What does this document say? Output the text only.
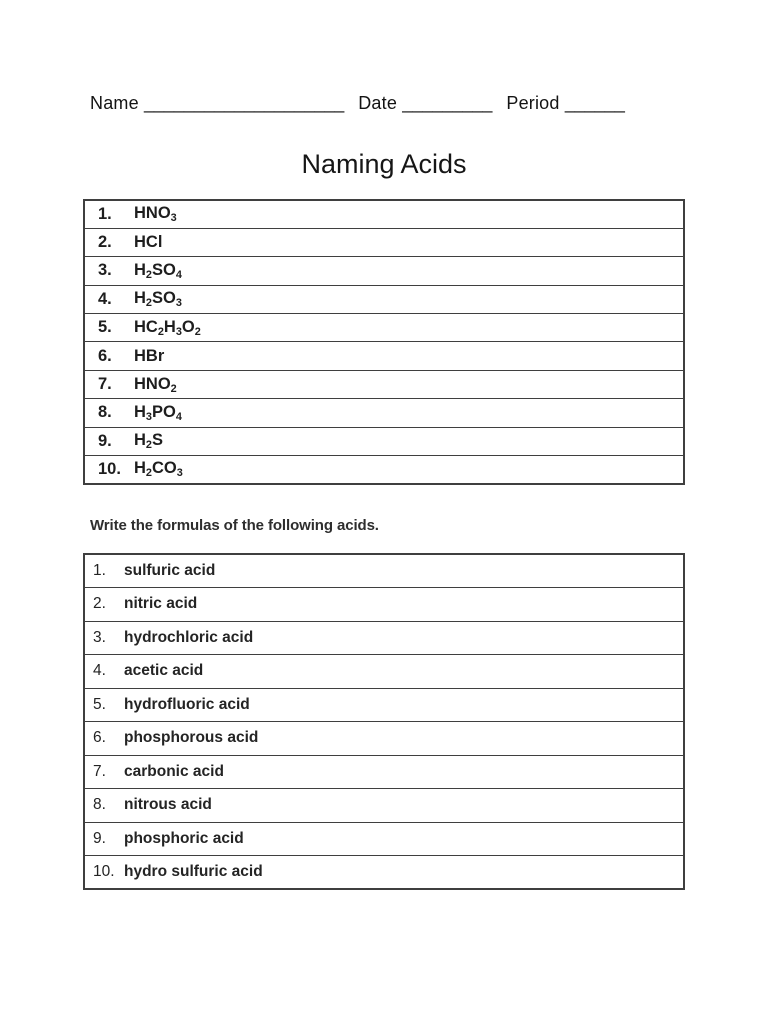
Name ____________________ Date _________ Period ______
Naming Acids
1.	$HNO_3$
2.	HCl
3.	$H_2SO_4$
4.	$H_2SO_3$
5.	$HC_2H_3O_2$
6.	HBr
7.	$HNO_2$
8.	$H_3PO_4$
9.	$H_2S$
10.	$H_2CO_3$
Write the formulas of the following acids.
1.	sulfuric acid
2.	nitric acid
3.	hydrochloric acid
4.	acetic acid
5.	hydrofluoric acid
6.	phosphorous acid
7.	carbonic acid
8.	nitrous acid
9.	phosphoric acid
10.	hydro sulfuric acid
